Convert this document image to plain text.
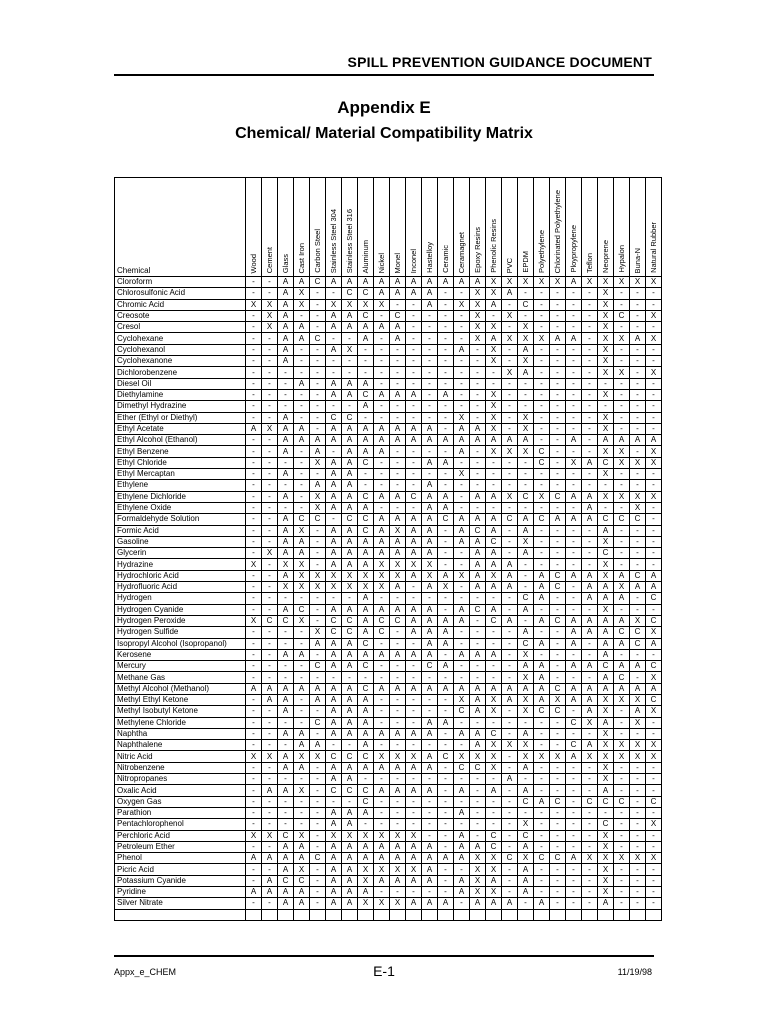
SPILL PREVENTION GUIDANCE DOCUMENT
Appendix E
Chemical/ Material Compatibility Matrix
Chemical	Wood	Cement	Glass	Cast Iron	Carbon Steel	Stainless Steel 304	Stainless Steel 316	Aluminum	Nickel	Monel	Inconel	Hastelloy	Ceramic	Ceramagnet	Epoxy Resins	Phenolic Resins	PVC	EPDM	Polyethylene	Chlorinated Polyethylene	Ploypropylene	Teflon	Neoprene	Hypalon	Buna-N	Natural Rubber
Cloroform	-	-	A	A	C	A	A	A	A	A	A	A	A	A	A	X	X	X	X	X	A	X	X	X	X	X
Chlorosulfonic Acid	-	-	A	X	-	-	C	C	A	A	A	A	-	-	X	X	A	-	-	-	-	-	X	-	-	-
Chromic Acid	X	X	A	X	-	X	X	X	X	-	-	A	-	X	X	A	-	C	-	-	-	-	X	-	-	-
Creosote	-	X	A	-	-	A	A	C	-	C	-	-	-	-	X	-	X	-	-	-	-	-	X	C	-	X
Cresol	-	X	A	A	-	A	A	A	A	A	-	-	-	-	X	X	-	X	-	-	-	-	X	-	-	-
Cyclohexane	-	-	A	A	C	-	-	A	-	A	-	-	-	-	X	A	X	X	X	A	A	-	X	X	A	X
Cyclohexanol	-	-	A	-	-	A	X	-	-	-	-	-	-	A	-	X	-	A	-	-	-	-	X	-	-	-
Cyclohexanone	-	-	A	-	-	-	-	-	-	-	-	-	-	-	-	X	-	X	-	-	-	-	X	-	-	-
Dichlorobenzene	-	-	-	-	-	-	-	-	-	-	-	-	-	-	-	-	X	A	-	-	-	-	X	X	-	X
Diesel Oil	-	-	-	A	-	A	A	A	-	-	-	-	-	-	-	-	-	-	-	-	-	-	-	-	-	-
Diethylamine	-	-	-	-	-	A	A	C	A	A	A	-	A	-	-	X	-	-	-	-	-	-	X	-	-	-
Dimethyl Hydrazine	-	-	-	-	-	-	-	A	-	-	-	-	-	-	-	X	-	-	-	-	-	-	-	-	-	-
Ether (Ethyl or Diethyl)	-	-	A	-	-	C	C	-	-	-	-	-	-	X	-	X	-	X	-	-	-	-	X	-	-	-
Ethyl Acetate	A	X	A	A	-	A	A	A	A	A	A	A	-	A	A	X	-	X	-	-	-	-	X	-	-	-
Ethyl Alcohol (Ethanol)	-	-	A	A	A	A	A	A	A	A	A	A	A	A	A	A	A	A	-	-	A	-	A	A	A	A
Ethyl Benzene	-	-	A	-	A	-	A	A	A	-	-	-	-	A	-	X	X	X	C	-	-	-	X	X	-	X
Ethyl Chloride	-	-	-	-	X	A	A	C	-	-	-	A	A	-	-	-	-	-	C	-	X	A	C	X	X	X
Ethyl Mercaptan	-	-	A	-	-	A	A	-	-	-	-	-	-	X	-	-	-	-	-	-	-	-	X	-	-	-
Ethylene	-	-	-	-	A	A	A	-	-	-	-	A	-	-	-	-	-	-	-	-	-	-	-	-	-	-
Ethylene Dichloride	-	-	A	-	X	A	A	C	A	A	C	A	A	-	A	A	X	C	X	C	A	A	X	X	X	X
Ethylene Oxide	-	-	-	-	X	A	A	A	-	-	-	A	A	-	-	-	-	-	-	-	-	A	-	-	X	-
Formaldehyde Solution	-	-	A	C	C	-	C	C	A	A	A	A	C	A	A	A	C	A	C	A	A	A	C	C	C	-
Formic Acid	-	-	A	X	-	A	A	C	A	X	A	A	-	A	C	A	-	A	-	-	-	-	A	-	-	-
Gasoline	-	-	A	A	-	A	A	A	A	A	A	A	-	A	A	C	-	X	-	-	-	-	X	-	-	-
Glycerin	-	X	A	A	-	A	A	A	A	A	A	A	-	-	A	A	-	A	-	-	-	-	C	-	-	-
Hydrazine	X	-	X	X	-	A	A	A	X	X	X	X	-	-	A	A	A	-	-	-	-	-	X	-	-	-
Hydrochloric Acid	-	-	A	X	X	X	X	X	X	X	A	X	A	X	A	X	A	-	A	C	A	A	X	A	C	A
Hydrofluoric Acid	-	-	X	X	X	X	X	X	X	A	-	A	X	-	A	A	A	-	A	C	-	A	A	X	A	A
Hydrogen	-	-	-	-	-	-	-	A	-	-	-	-	-	-	-	-	-	C	A	-	-	A	A	A	-	C
Hydrogen Cyanide	-	-	A	C	-	A	A	A	A	A	A	A	-	A	C	A	-	A	-	-	-	-	X	-	-	-
Hydrogen Peroxide	X	C	C	X	-	C	C	A	C	C	A	A	A	A	-	C	A	-	A	C	A	A	A	A	X	C
Hydrogen Sulfide	-	-	-	-	X	C	C	A	C	-	A	A	A	-	-	-	-	A	-	-	A	A	A	C	C	X
Isopropyl Alcohol (Isopropanol)	-	-	-	-	A	A	A	C	-	-	-	A	A	-	-	-	-	C	A	-	A	-	A	A	C	A
Kerosene	-	-	A	A	-	A	A	A	A	A	A	A	-	A	A	A	-	X	-	-	-	-	A	-	-	-
Mercury	-	-	-	-	C	A	A	C	-	-	-	C	A	-	-	-	-	A	A	-	A	A	C	A	A	C
Methane Gas	-	-	-	-	-	-	-	-	-	-	-	-	-	-	-	-	-	X	A	-	-	-	A	C	-	X
Methyl Alcohol (Methanol)	A	A	A	A	A	A	A	C	A	A	A	A	A	A	A	A	A	A	A	C	A	A	A	A	A	A
Methyl Ethyl Ketone	-	A	A	-	A	A	A	A	-	-	-	-	-	X	A	X	A	X	A	X	A	A	X	X	X	C
Methyl Isobutyl Ketone	-	-	A	-	-	A	A	A	-	-	-	-	-	C	A	X	-	X	C	C	-	A	X	-	A	X
Methylene Chloride	-	-	-	-	C	A	A	A	-	-	-	A	A	-	-	-	-	-	-	-	C	X	A	-	X	-
Naphtha	-	-	A	A	-	A	A	A	A	A	A	A	-	A	A	C	-	A	-	-	-	-	X	-	-	-
Naphthalene	-	-	-	A	A	-	-	A	-	-	-	-	-	-	A	X	X	X	-	-	C	A	X	X	X	X
Nitric Acid	X	X	A	X	X	C	C	C	X	X	X	A	C	X	X	X	-	X	X	X	A	X	X	X	X	X
Nitrobenzene	-	-	A	A	-	A	A	A	A	A	A	A	-	C	C	X	-	A	-	-	-	-	X	-	-	-
Nitropropanes	-	-	-	-	-	A	A	-	-	-	-	-	-	-	-	-	A	-	-	-	-	-	X	-	-	-
Oxalic Acid	-	A	A	X	-	C	C	C	A	A	A	A	-	A	-	A	-	A	-	-	-	-	A	-	-	-
Oxygen Gas	-	-	-	-	-	-	-	C	-	-	-	-	-	-	-	-	-	C	A	C	-	C	C	C	-	C
Parathion	-	-	-	-	-	A	A	A	-	-	-	-	-	A	-	-	-	-	-	-	-	-	-	-	-	-
Pentachlorophenol	-	-	-	-	-	A	A	-	-	-	-	-	-	-	-	-	-	X	-	-	-	-	C	-	-	X
Perchloric Acid	X	X	C	X	-	X	X	X	X	X	X	-	-	A	-	C	-	C	-	-	-	-	X	-	-	-
Petroleum Ether	-	-	A	A	-	A	A	A	A	A	A	A	-	A	A	C	-	A	-	-	-	-	X	-	-	-
Phenol	A	A	A	A	C	A	A	A	A	A	A	A	A	A	X	X	C	X	C	C	A	X	X	X	X	X
Picric Acid	-	-	A	X	-	A	A	X	X	X	X	A	-	-	X	X	-	A	-	-	-	-	X	-	-	-
Potassium Cyanide	-	A	C	C	-	A	A	X	A	A	A	A	-	A	X	A	-	A	-	-	-	-	X	-	-	-
Pyridine	A	A	A	A	-	A	A	A	-	-	-	-	-	A	X	X	-	A	-	-	-	-	X	-	-	-
Silver Nitrate	-	-	A	A	-	A	A	X	X	X	A	A	A	-	A	A	A	-	A	-	-	-	A	-	-	-

Appx_e_CHEM	E-1	11/19/98
